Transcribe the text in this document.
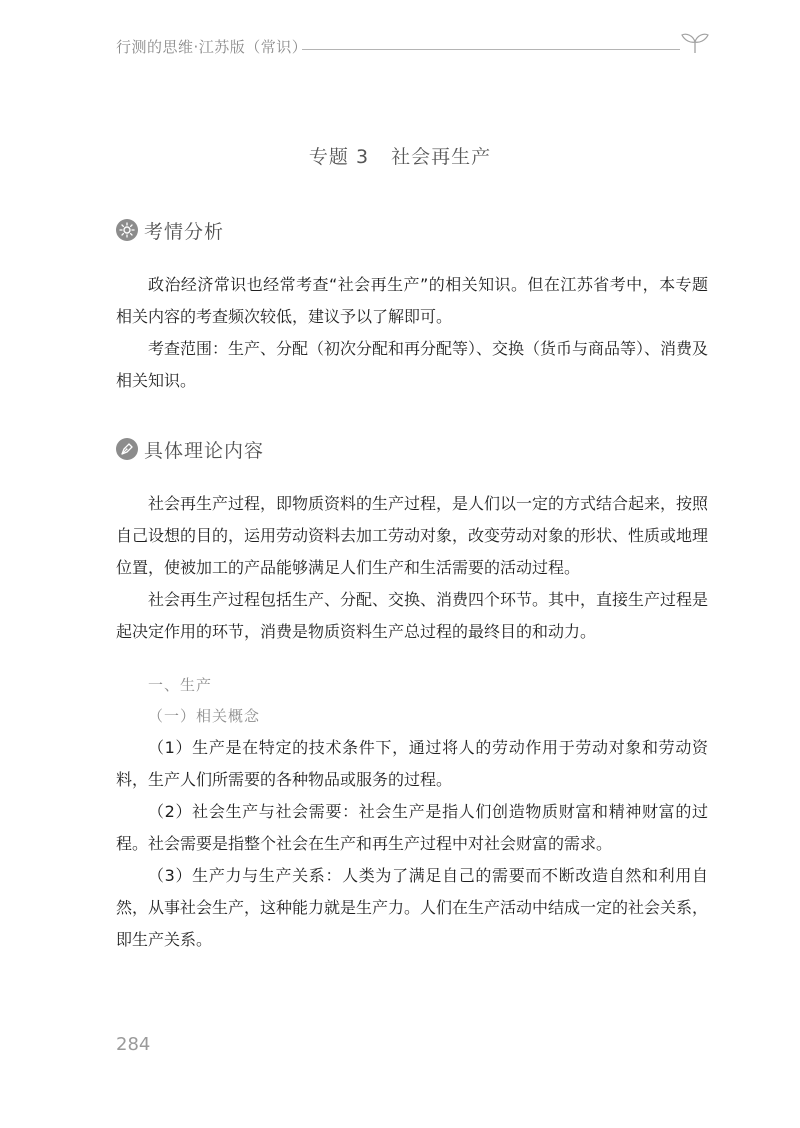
行测的思维·江苏版（常识）
专题 3 社会再生产
考情分析

政治经济常识也经常考查“社会再生产”的相关知识。但在江苏省考中，本专题相关内容的考查频次较低，建议予以了解即可。

考查范围：生产、分配（初次分配和再分配等）、交换（货币与商品等）、消费及相关知识。

具体理论内容

社会再生产过程，即物质资料的生产过程，是人们以一定的方式结合起来，按照自己设想的目的，运用劳动资料去加工劳动对象，改变劳动对象的形状、性质或地理位置，使被加工的产品能够满足人们生产和生活需要的活动过程。

社会再生产过程包括生产、分配、交换、消费四个环节。其中，直接生产过程是起决定作用的环节，消费是物质资料生产总过程的最终目的和动力。

一、生产
（一）相关概念

（1）生产是在特定的技术条件下，通过将人的劳动作用于劳动对象和劳动资料，生产人们所需要的各种物品或服务的过程。

（2）社会生产与社会需要：社会生产是指人们创造物质财富和精神财富的过程。社会需要是指整个社会在生产和再生产过程中对社会财富的需求。

（3）生产力与生产关系：人类为了满足自己的需要而不断改造自然和利用自然，从事社会生产，这种能力就是生产力。人们在生产活动中结成一定的社会关系，即生产关系。

284
